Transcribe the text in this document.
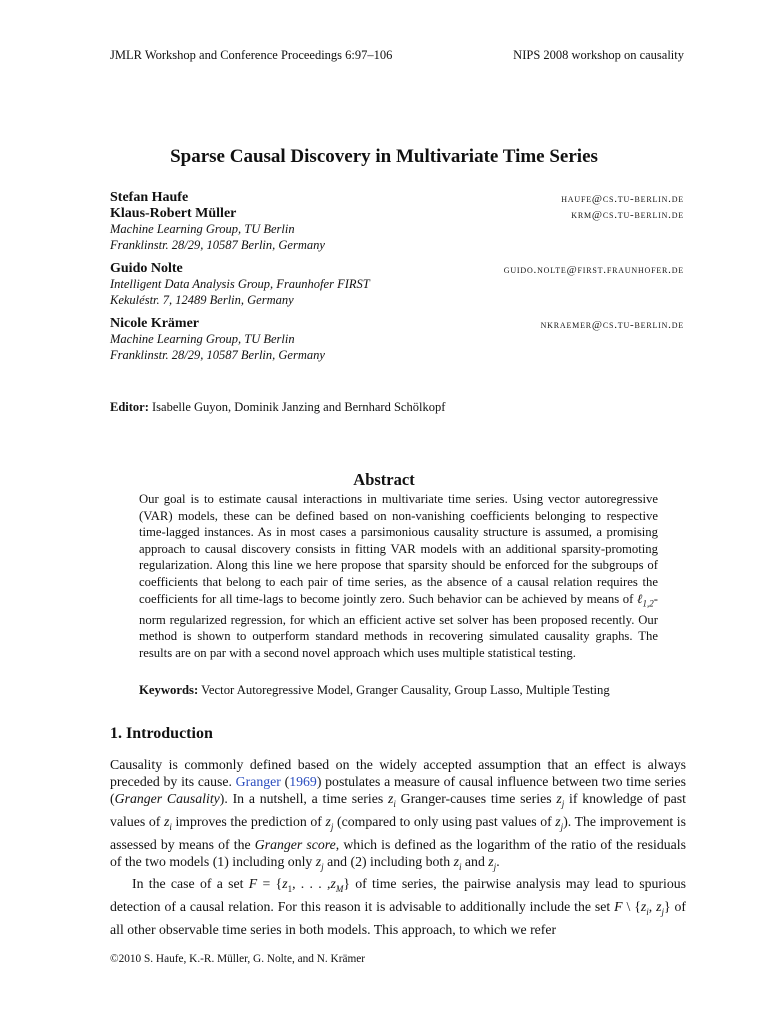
JMLR Workshop and Conference Proceedings 6:97–106	NIPS 2008 workshop on causality
Sparse Causal Discovery in Multivariate Time Series
Stefan Haufe	haufe@cs.tu-berlin.de
Klaus-Robert Müller	krm@cs.tu-berlin.de
Machine Learning Group, TU Berlin
Franklinstr. 28/29, 10587 Berlin, Germany
Guido Nolte	guido.nolte@first.fraunhofer.de
Intelligent Data Analysis Group, Fraunhofer FIRST
Kekuléstr. 7, 12489 Berlin, Germany
Nicole Krämer	nkraemer@cs.tu-berlin.de
Machine Learning Group, TU Berlin
Franklinstr. 28/29, 10587 Berlin, Germany
Editor: Isabelle Guyon, Dominik Janzing and Bernhard Schölkopf
Abstract
Our goal is to estimate causal interactions in multivariate time series. Using vector autoregressive (VAR) models, these can be defined based on non-vanishing coefficients belonging to respective time-lagged instances. As in most cases a parsimonious causality structure is assumed, a promising approach to causal discovery consists in fitting VAR models with an additional sparsity-promoting regularization. Along this line we here propose that sparsity should be enforced for the subgroups of coefficients that belong to each pair of time series, as the absence of a causal relation requires the coefficients for all time-lags to become jointly zero. Such behavior can be achieved by means of ℓ$_{1,2}$-norm regularized regression, for which an efficient active set solver has been proposed recently. Our method is shown to outperform standard methods in recovering simulated causality graphs. The results are on par with a second novel approach which uses multiple statistical testing.
Keywords: Vector Autoregressive Model, Granger Causality, Group Lasso, Multiple Testing
1. Introduction

Causality is commonly defined based on the widely accepted assumption that an effect is always preceded by its cause. Granger (1969) postulates a measure of causal influence between two time series (Granger Causality). In a nutshell, a time series $z_i$ Granger-causes time series $z_j$ if knowledge of past values of $z_i$ improves the prediction of $z_j$ (compared to only using past values of $z_j$). The improvement is assessed by means of the Granger score, which is defined as the logarithm of the ratio of the residuals of the two models (1) including only $z_j$ and (2) including both $z_i$ and $z_j$.

In the case of a set $F = \{z_1$, . . . $,z_M$} of time series, the pairwise analysis may lead to spurious detection of a causal relation. For this reason it is advisable to additionally include the set F \ {$z_i$, $z_j$} of all other observable time series in both models. This approach, to which we refer

©2010 S. Haufe, K.-R. Müller, G. Nolte, and N. Krämer
